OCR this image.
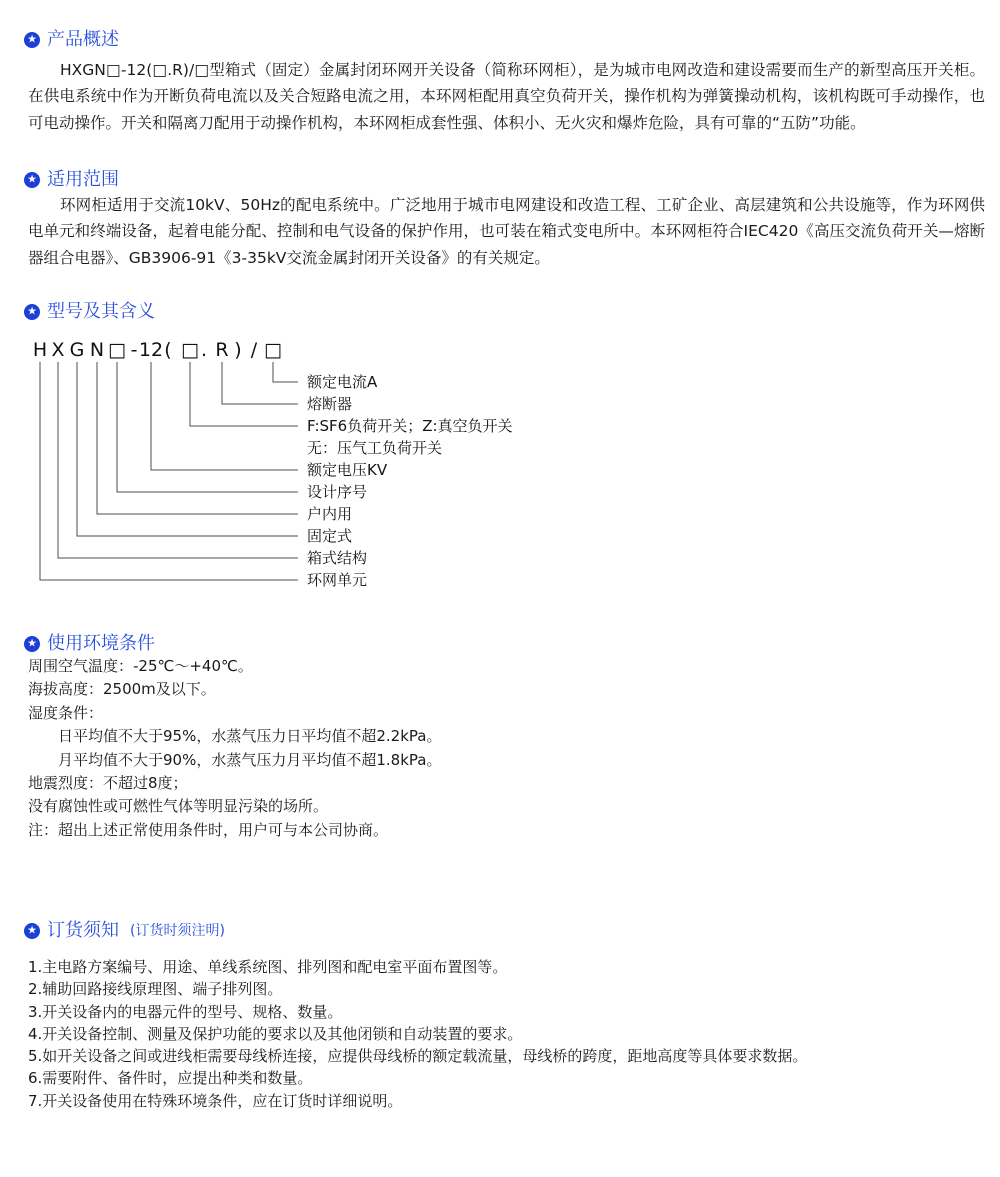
★ 产品概述

HXGN□-12(□.R)/□型箱式（固定）金属封闭环网开关设备（简称环网柜），是为城市电网改造和建设需要而生产的新型高压开关柜。在供电系统中作为开断负荷电流以及关合短路电流之用，本环网柜配用真空负荷开关，操作机构为弹簧操动机构，该机构既可手动操作，也可电动操作。开关和隔离刀配用于动操作机构，本环网柜成套性强、体积小、无火灾和爆炸危险，具有可靠的“五防”功能。

★ 适用范围

环网柜适用于交流10kV、50Hz的配电系统中。广泛地用于城市电网建设和改造工程、工矿企业、高层建筑和公共设施等，作为环网供电单元和终端设备，起着电能分配、控制和电气设备的保护作用，也可装在箱式变电所中。本环网柜符合IEC420《高压交流负荷开关—熔断器组合电器》、GB3906-91《3-35kV交流金属封闭开关设备》的有关规定。

★ 型号及其含义
H X G N □ - 12 ( □ . R ) / □
额定电流A
熔断器
F:SF6负荷开关；Z:真空负开关
无：压气工负荷开关
额定电压KV
设计序号
户内用
固定式
箱式结构
环网单元
★ 使用环境条件
周围空气温度：-25℃～+40℃。
海拔高度：2500m及以下。
湿度条件：
日平均值不大于95%，水蒸气压力日平均值不超2.2kPa。
月平均值不大于90%，水蒸气压力月平均值不超1.8kPa。
地震烈度：不超过8度；
没有腐蚀性或可燃性气体等明显污染的场所。
注：超出上述正常使用条件时，用户可与本公司协商。
★ 订货须知 (订货时须注明)
1.主电路方案编号、用途、单线系统图、排列图和配电室平面布置图等。
2.辅助回路接线原理图、端子排列图。
3.开关设备内的电器元件的型号、规格、数量。
4.开关设备控制、测量及保护功能的要求以及其他闭锁和自动装置的要求。
5.如开关设备之间或进线柜需要母线桥连接，应提供母线桥的额定载流量，母线桥的跨度，距地高度等具体要求数据。
6.需要附件、备件时，应提出种类和数量。
7.开关设备使用在特殊环境条件，应在订货时详细说明。
